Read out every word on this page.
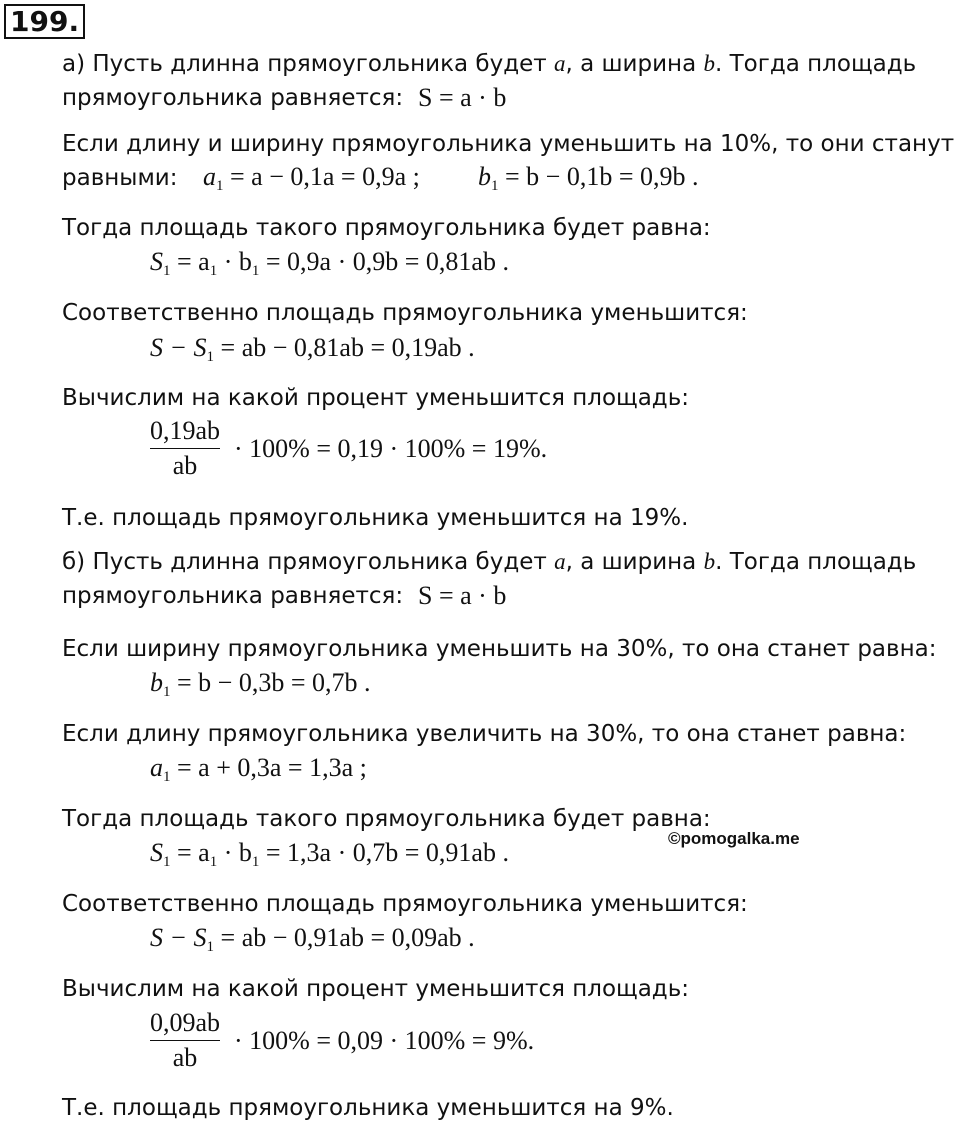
199.
а) Пусть длинна прямоугольника будет a, а ширина b. Тогда площадь
прямоугольника равняется: S = a · b
Если длину и ширину прямоугольника уменьшить на 10%, то они станут
равными: $a_1 = a - 0,1a = 0,9a$ ; $b_1 = b - 0,1b = 0,9b$ .
Тогда площадь такого прямоугольника будет равна:
$S_1 = a_1 \cdot b_1 = 0,9a \cdot 0,9b = 0,81ab$ .
Соответственно площадь прямоугольника уменьшится:
$S - S_1$ = ab − 0,81ab = 0,19ab .
Вычислим на какой процент уменьшится площадь:
0,19ab
ab
· 100% = 0,19 · 100% = 19%.
Т.е. площадь прямоугольника уменьшится на 19%.
б) Пусть длинна прямоугольника будет a, а ширина b. Тогда площадь
прямоугольника равняется: S = a · b
Если ширину прямоугольника уменьшить на 30%, то она станет равна:
$b_1 = b - 0,3b = 0,7b$ .
Если длину прямоугольника увеличить на 30%, то она станет равна:
$a_1 = a + 0,3a = 1,3a$ ;
Тогда площадь такого прямоугольника будет равна:
$S_1 = a_1 \cdot b_1 = 1,3a \cdot 0,7b = 0,91ab$ .	©pomogalka.me
Соответственно площадь прямоугольника уменьшится:
$S - S_1$ = ab − 0,91ab = 0,09ab .
Вычислим на какой процент уменьшится площадь:
0,09ab
ab
· 100% = 0,09 · 100% = 9%.
Т.е. площадь прямоугольника уменьшится на 9%.
